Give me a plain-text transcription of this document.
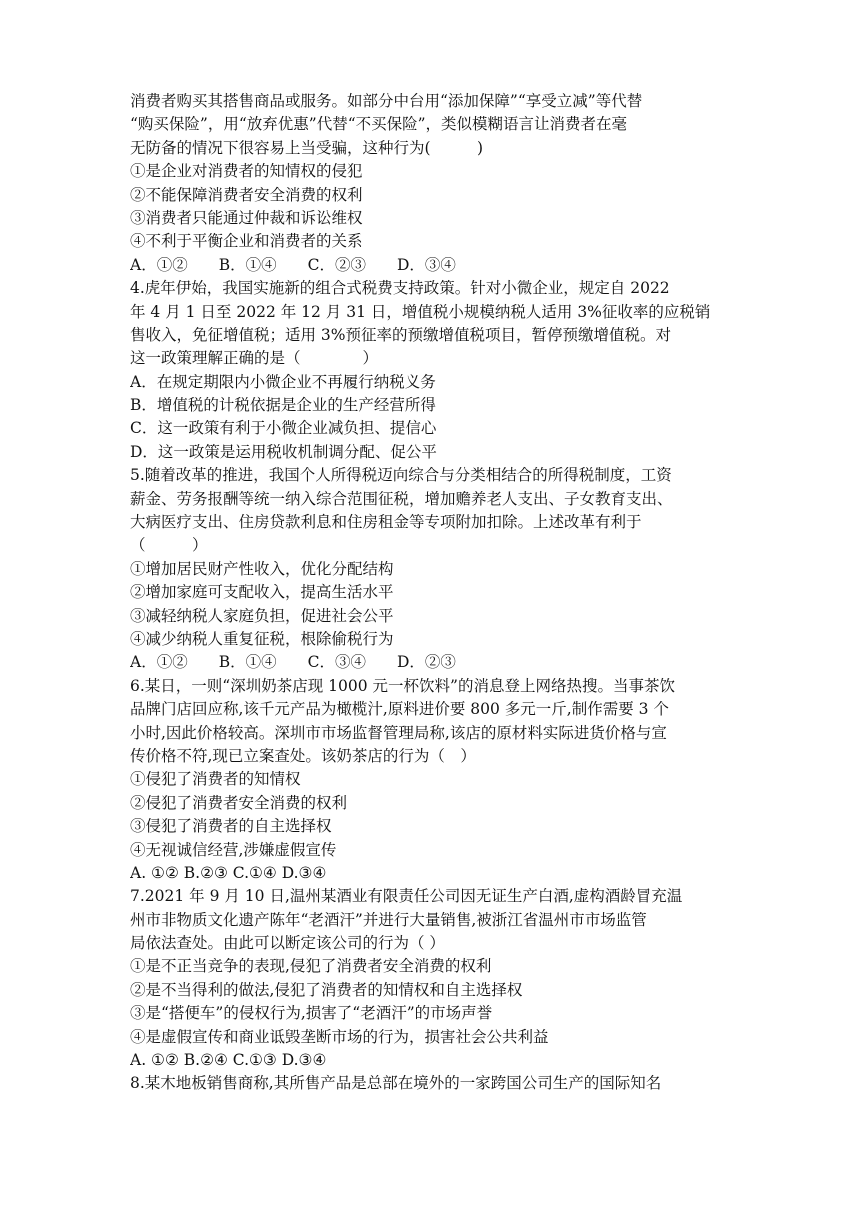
消费者购买其搭售商品或服务。如部分中台用“添加保障”“享受立减”等代替
“购买保险”，用“放弃优惠”代替“不买保险”，类似模糊语言让消费者在毫
无防备的情况下很容易上当受骗，这种行为(　　　)
①是企业对消费者的知情权的侵犯
②不能保障消费者安全消费的权利
③消费者只能通过仲裁和诉讼维权
④不利于平衡企业和消费者的关系
A．①②　　B．①④　　C．②③　　D．③④
4.虎年伊始，我国实施新的组合式税费支持政策。针对小微企业，规定自 2022
年 4 月 1 日至 2022 年 12 月 31 日，增值税小规模纳税人适用 3%征收率的应税销
售收入，免征增值税；适用 3%预征率的预缴增值税项目，暂停预缴增值税。对
这一政策理解正确的是（　　　　）
A．在规定期限内小微企业不再履行纳税义务
B．增值税的计税依据是企业的生产经营所得
C．这一政策有利于小微企业减负担、提信心
D．这一政策是运用税收机制调分配、促公平
5.随着改革的推进，我国个人所得税迈向综合与分类相结合的所得税制度，工资
薪金、劳务报酬等统一纳入综合范围征税，增加赡养老人支出、子女教育支出、
大病医疗支出、住房贷款利息和住房租金等专项附加扣除。上述改革有利于
（　　　）
①增加居民财产性收入，优化分配结构
②增加家庭可支配收入，提高生活水平
③减轻纳税人家庭负担，促进社会公平
④减少纳税人重复征税，根除偷税行为
A．①②　　B．①④　　C．③④　　D．②③
6.某日，一则“深圳奶茶店现 1000 元一杯饮料”的消息登上网络热搜。当事茶饮
品牌门店回应称,该千元产品为橄榄汁,原料进价要 800 多元一斤,制作需要 3 个
小时,因此价格较高。深圳市市场监督管理局称,该店的原材料实际进货价格与宣
传价格不符,现已立案查处。该奶茶店的行为（　）
①侵犯了消费者的知情权
②侵犯了消费者安全消费的权利
③侵犯了消费者的自主选择权
④无视诚信经营,涉嫌虚假宣传
A. ①② B.②③ C.①④ D.③④
7.2021 年 9 月 10 日,温州某酒业有限责任公司因无证生产白酒,虚构酒龄冒充温
州市非物质文化遗产陈年“老酒汗”并进行大量销售,被浙江省温州市市场监管
局依法查处。由此可以断定该公司的行为（ ）
①是不正当竞争的表现,侵犯了消费者安全消费的权利
②是不当得利的做法,侵犯了消费者的知情权和自主选择权
③是“搭便车”的侵权行为,损害了“老酒汗”的市场声誉
④是虚假宣传和商业诋毁垄断市场的行为，损害社会公共利益
A. ①② B.②④ C.①③ D.③④
8.某木地板销售商称,其所售产品是总部在境外的一家跨国公司生产的国际知名
